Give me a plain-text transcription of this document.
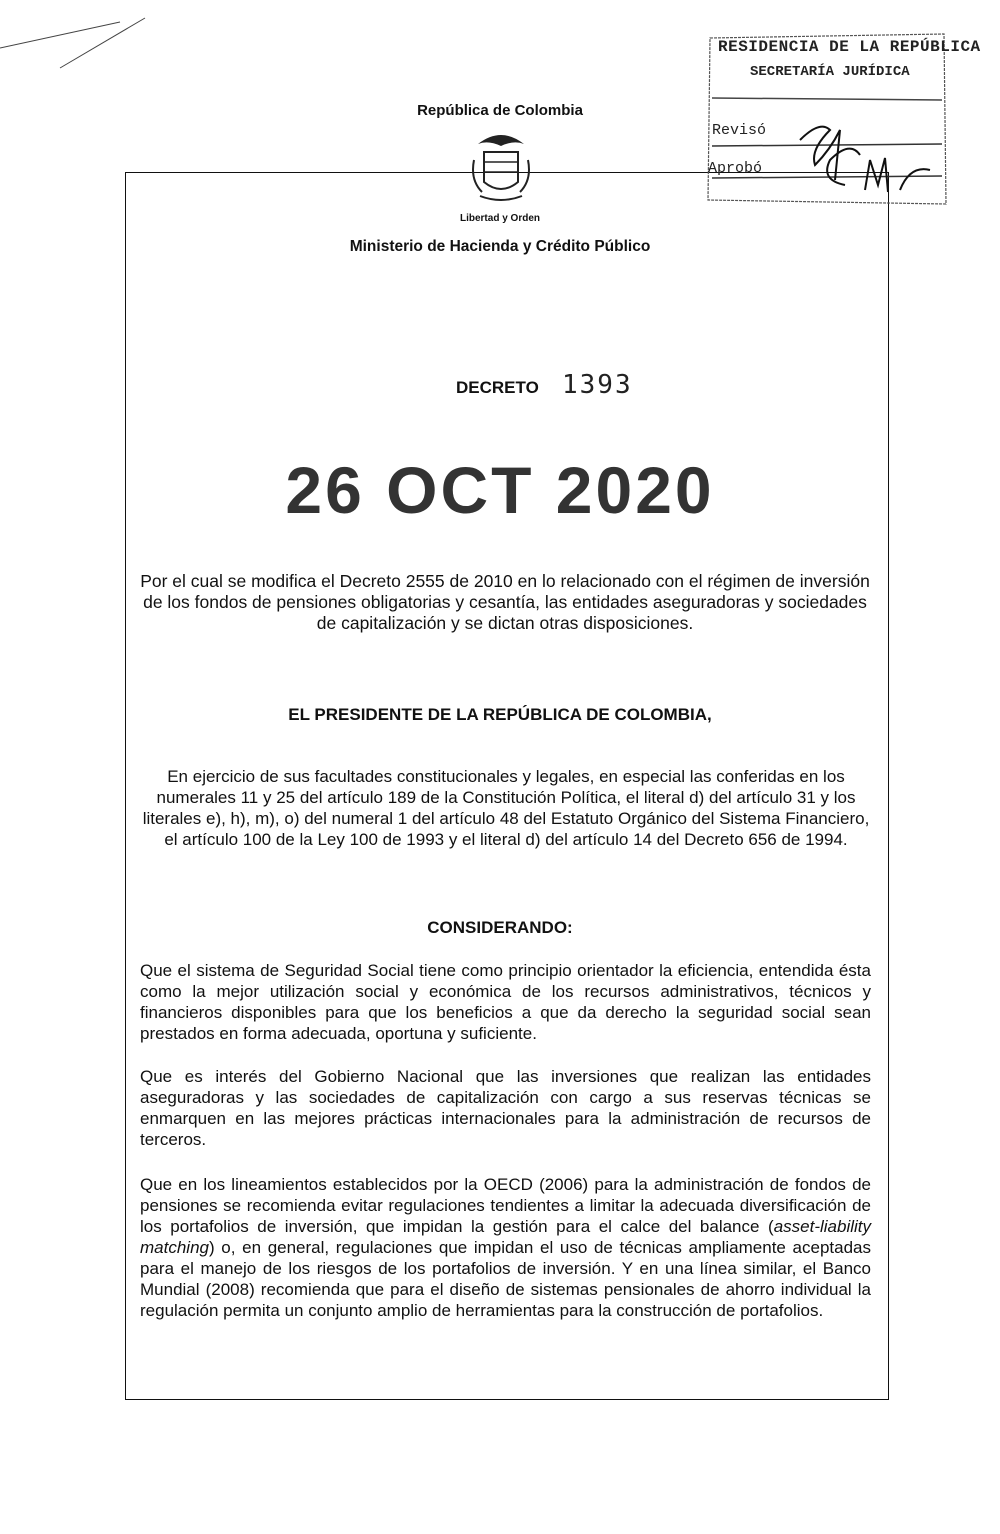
RESIDENCIA DE LA REPÚBLICA
SECRETARÍA JURÍDICA
Revisó
Aprobó
República de Colombia
Libertad y Orden
Ministerio de Hacienda y Crédito Público
DECRETO 1393
26 OCT 2020
Por el cual se modifica el Decreto 2555 de 2010 en lo relacionado con el régimen de inversión de los fondos de pensiones obligatorias y cesantía, las entidades aseguradoras y sociedades de capitalización y se dictan otras disposiciones.
EL PRESIDENTE DE LA REPÚBLICA DE COLOMBIA,
En ejercicio de sus facultades constitucionales y legales, en especial las conferidas en los numerales 11 y 25 del artículo 189 de la Constitución Política, el literal d) del artículo 31 y los literales e), h), m), o) del numeral 1 del artículo 48 del Estatuto Orgánico del Sistema Financiero, el artículo 100 de la Ley 100 de 1993 y el literal d) del artículo 14 del Decreto 656 de 1994.
CONSIDERANDO:
Que el sistema de Seguridad Social tiene como principio orientador la eficiencia, entendida ésta como la mejor utilización social y económica de los recursos administrativos, técnicos y financieros disponibles para que los beneficios a que da derecho la seguridad social sean prestados en forma adecuada, oportuna y suficiente.
Que es interés del Gobierno Nacional que las inversiones que realizan las entidades aseguradoras y las sociedades de capitalización con cargo a sus reservas técnicas se enmarquen en las mejores prácticas internacionales para la administración de recursos de terceros.
Que en los lineamientos establecidos por la OECD (2006) para la administración de fondos de pensiones se recomienda evitar regulaciones tendientes a limitar la adecuada diversificación de los portafolios de inversión, que impidan la gestión para el calce del balance (asset-liability matching) o, en general, regulaciones que impidan el uso de técnicas ampliamente aceptadas para el manejo de los riesgos de los portafolios de inversión. Y en una línea similar, el Banco Mundial (2008) recomienda que para el diseño de sistemas pensionales de ahorro individual la regulación permita un conjunto amplio de herramientas para la construcción de portafolios.
